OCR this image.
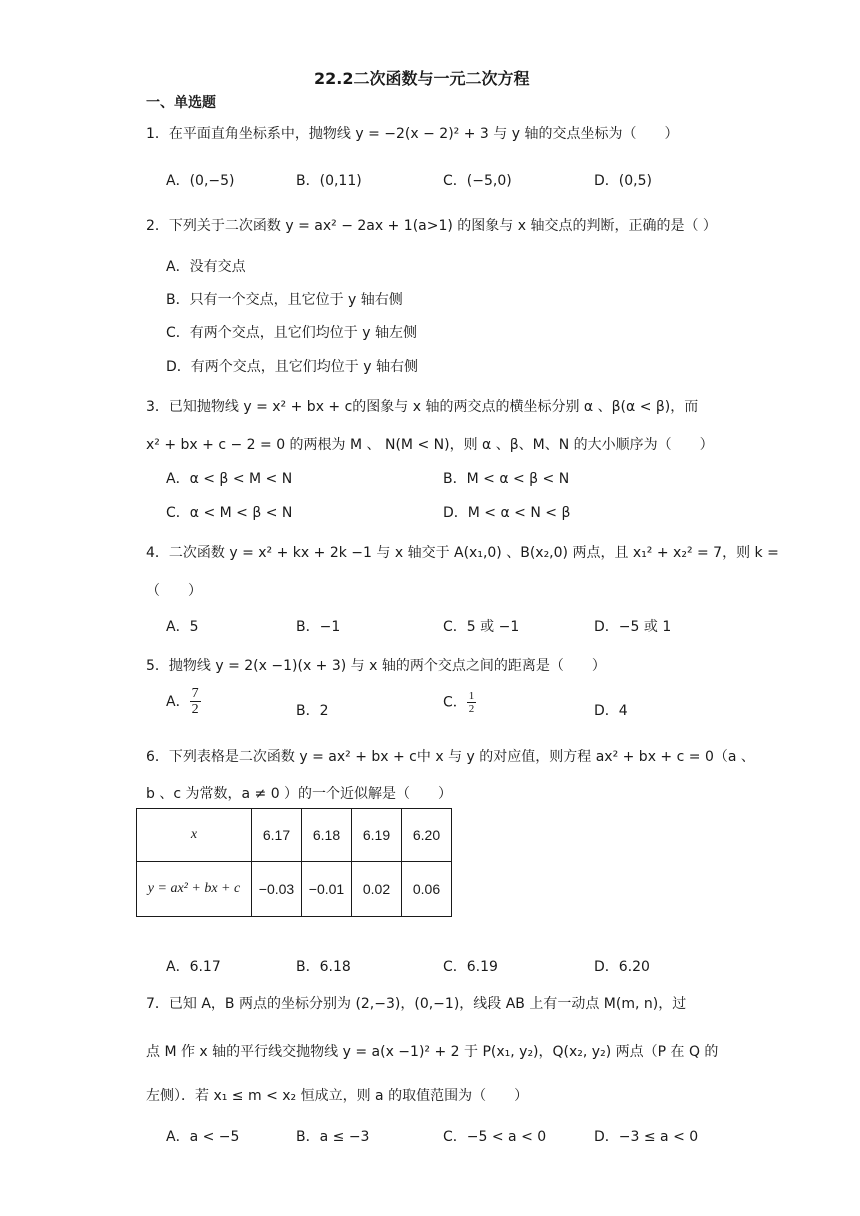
22.2二次函数与一元二次方程
一、单选题
1．在平面直角坐标系中，抛物线 y = −2(x − 2)² + 3 与 y 轴的交点坐标为（　　）
A．(0,−5)	B．(0,11)	C．(−5,0)	D．(0,5)
2．下列关于二次函数 y = ax² − 2ax + 1(a>1) 的图象与 x 轴交点的判断，正确的是（ ）
A．没有交点
B．只有一个交点，且它位于 y 轴右侧
C．有两个交点，且它们均位于 y 轴左侧
D．有两个交点，且它们均位于 y 轴右侧
3．已知抛物线 y = x² + bx + c的图象与 x 轴的两交点的横坐标分别 α 、β(α < β)，而
x² + bx + c − 2 = 0 的两根为 M 、 N(M < N)，则 α 、β、M、N 的大小顺序为（　　）
A．α < β < M < N	B．M < α < β < N
C．α < M < β < N	D．M < α < N < β
4．二次函数 y = x² + kx + 2k −1 与 x 轴交于 A(x₁,0) 、B(x₂,0) 两点，且 x₁² + x₂² = 7，则 k =
（　　）
A．5	B．−1	C．5 或 −1	D．−5 或 1
5．抛物线 y = 2(x −1)(x + 3) 与 x 轴的两个交点之间的距离是（　　）
A． $\frac{7}{2}$	B．2
C． $\frac{1}{2}$	D．4
6．下列表格是二次函数 y = ax² + bx + c中 x 与 y 的对应值，则方程 ax² + bx + c = 0（a 、
b 、c 为常数，a ≠ 0 ）的一个近似解是（　　）
x	6.17	6.18	6.19	6.20
y = ax² + bx + c	−0.03	−0.01	0.02	0.06
A．6.17	B．6.18	C．6.19	D．6.20
7．已知 A，B 两点的坐标分别为 (2,−3)，(0,−1)，线段 AB 上有一动点 M(m, n)，过
点 M 作 x 轴的平行线交抛物线 y = a(x −1)² + 2 于 P(x₁, y₂)，Q(x₂, y₂) 两点（P 在 Q 的
左侧）．若 x₁ ≤ m < x₂ 恒成立，则 a 的取值范围为（　　）
A．a < −5	B．a ≤ −3	C．−5 < a < 0	D．−3 ≤ a < 0
